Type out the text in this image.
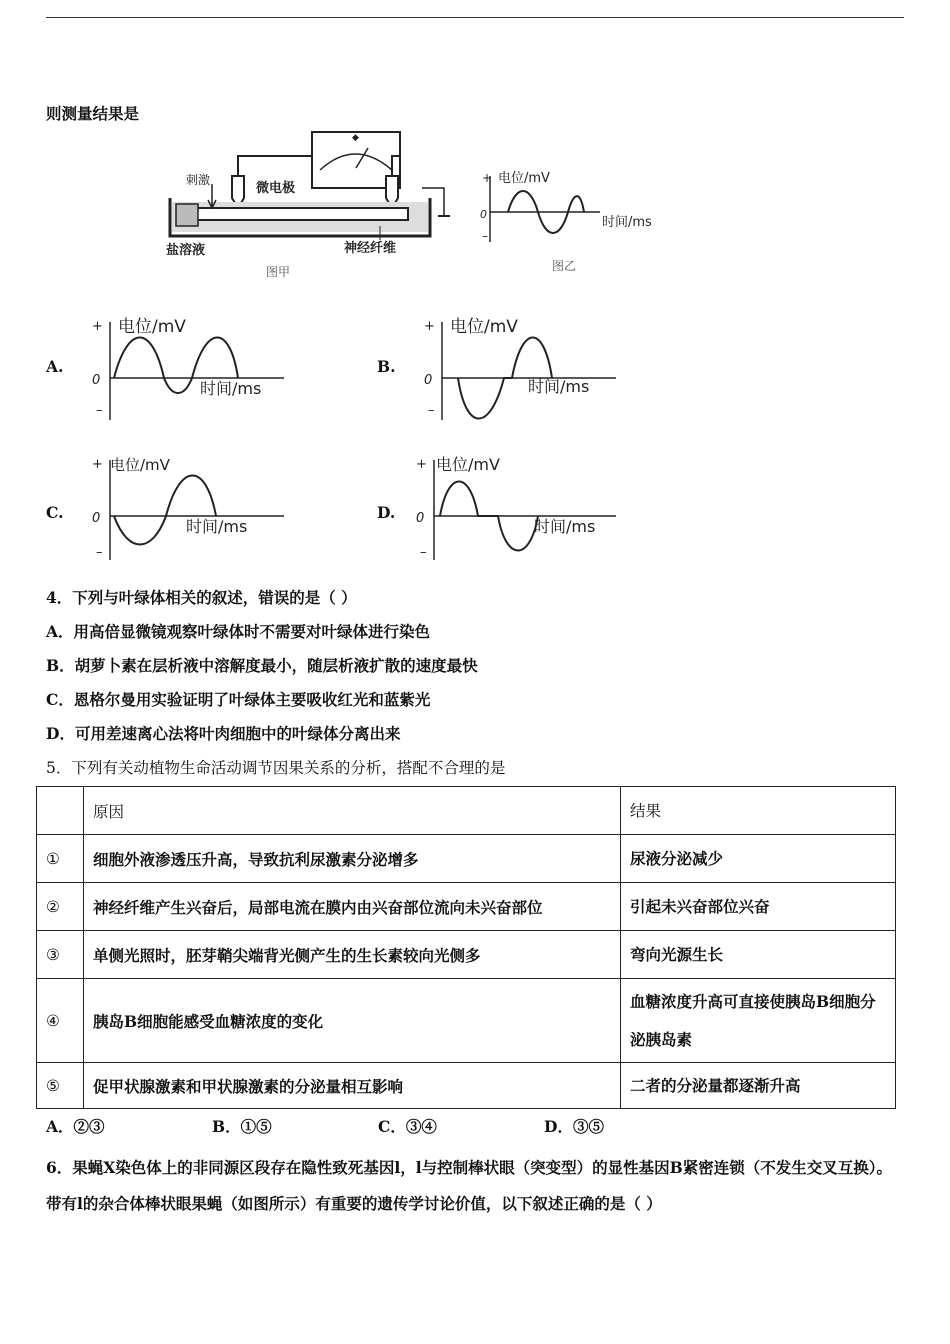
则测量结果是
◆
刺激
微电极
盐溶液	神经纤维
图甲
+ 电位/mV
0
–
时间/ms
图乙
A.	B.
C.	D.
+ 电位/mV
0
–
时间/ms
+ 电位/mV
0
–
时间/ms
+ 电位/mV
0
–
时间/ms
+ 电位/mV
0
–
时间/ms
4．下列与叶绿体相关的叙述，错误的是（ ）
A．用高倍显微镜观察叶绿体时不需要对叶绿体进行染色
B．胡萝卜素在层析液中溶解度最小，随层析液扩散的速度最快
C．恩格尔曼用实验证明了叶绿体主要吸收红光和蓝紫光
D．可用差速离心法将叶肉细胞中的叶绿体分离出来
5．下列有关动植物生命活动调节因果关系的分析，搭配不合理的是
	原因	结果
①	细胞外液渗透压升高，导致抗利尿激素分泌增多	尿液分泌减少
②	神经纤维产生兴奋后，局部电流在膜内由兴奋部位流向未兴奋部位	引起未兴奋部位兴奋
③	单侧光照时，胚芽鞘尖端背光侧产生的生长素较向光侧多	弯向光源生长
④	胰岛B细胞能感受血糖浓度的变化	血糖浓度升高可直接使胰岛B细胞分泌胰岛素
⑤	促甲状腺激素和甲状腺激素的分泌量相互影响	二者的分泌量都逐渐升高
A．②③	B．①⑤	C．③④	D．③⑤
6．果蝇X染色体上的非同源区段存在隐性致死基因l，l与控制棒状眼（突变型）的显性基因B紧密连锁（不发生交叉互换）。带有l的杂合体棒状眼果蝇（如图所示）有重要的遗传学讨论价值，以下叙述正确的是（ ）
